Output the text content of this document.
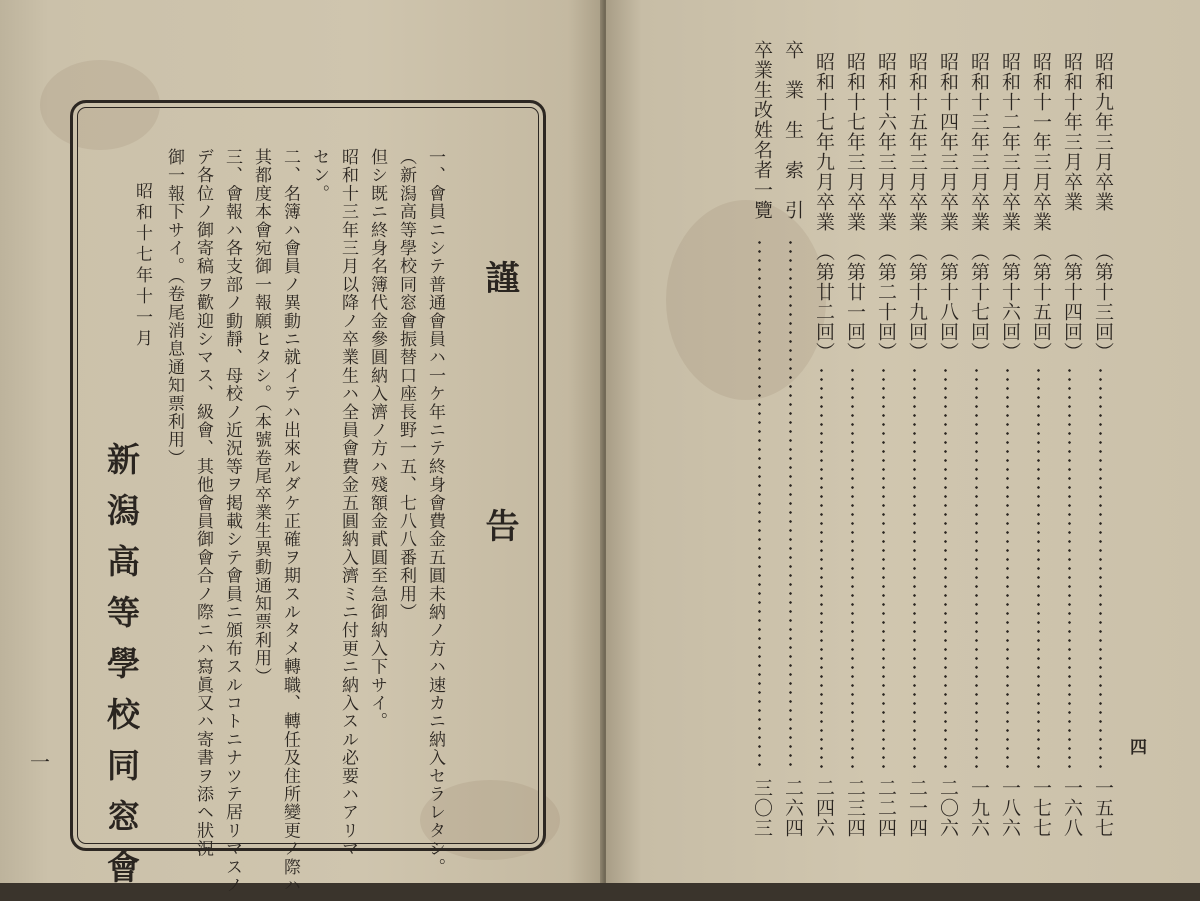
謹　告
一、會員ニシテ普通會員ハ一ケ年ニテ終身會費金五圓未納ノ方ハ速カニ納入セラレタシ。
（新潟高等學校同窓會振替口座長野一五、七八八番利用）
但シ既ニ終身名簿代金參圓納入濟ノ方ハ殘額金貳圓至急御納入下サイ。
昭和十三年三月以降ノ卒業生ハ全員會費金五圓納入濟ミニ付更ニ納入スル必要ハアリマ
セン。
二、名簿ハ會員ノ異動ニ就イテハ出來ルダケ正確ヲ期スルタメ轉職、轉任及住所變更ノ際ハ
其都度本會宛御一報願ヒタシ。（本號卷尾卒業生異動通知票利用）
三、會報ハ各支部ノ動靜、母校ノ近況等ヲ掲載シテ會員ニ頒布スルコトニナツテ居リマスノ
デ各位ノ御寄稿ヲ歡迎シマス、級會、其他會員御會合ノ際ニハ寫眞又ハ寄書ヲ添ヘ狀況
御一報下サイ。（卷尾消息通知票利用）
昭和十七年十一月
新潟高等學校同窓會
一
四
昭和九年三月卒業
（第十三回）
一五七
昭和十年三月卒業
（第十四回）
一六八
昭和十一年三月卒業
（第十五回）
一七七
昭和十二年三月卒業
（第十六回）
一八六
昭和十三年三月卒業
（第十七回）
一九六
昭和十四年三月卒業
（第十八回）
二〇六
昭和十五年三月卒業
（第十九回）
二一四
昭和十六年三月卒業
（第二十回）
二二四
昭和十七年三月卒業
（第廿一回）
二三四
昭和十七年九月卒業
（第廿二回）
二四六
卒　業　生　索　引
二六四
卒業生改姓名者一覽
三〇三
